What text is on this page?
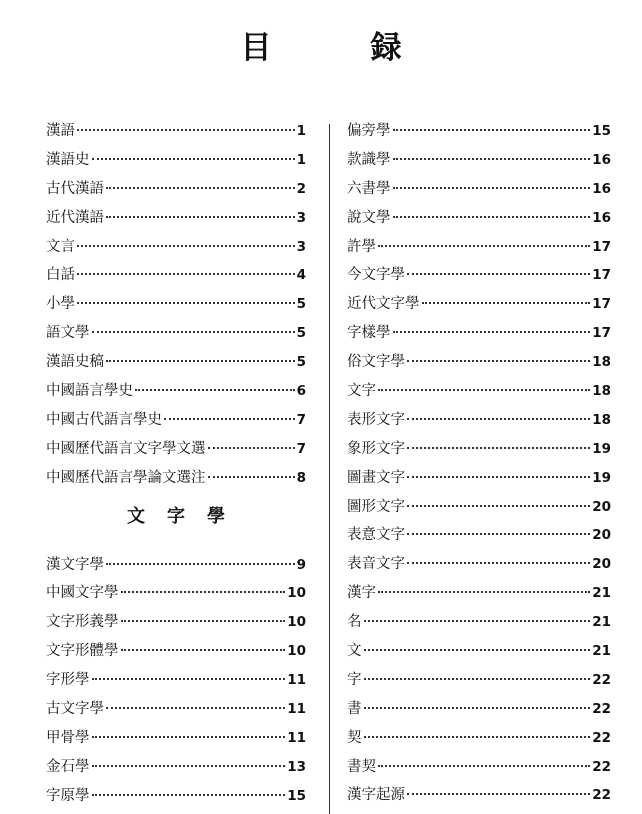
目　録
漢語	1
漢語史	1
古代漢語	2
近代漢語	3
文言	3
白話	4
小學	5
語文學	5
漢語史稿	5
中國語言學史	6
中國古代語言學史	7
中國歷代語言文字學文選	7
中國歷代語言學論文選注	8
文字學
漢文字學	9
中國文字學	10
文字形義學	10
文字形體學	10
字形學	11
古文字學	11
甲骨學	11
金石學	13
字原學	15
偏旁學	15
款識學	16
六書學	16
說文學	16
許學	17
今文字學	17
近代文字學	17
字樣學	17
俗文字學	18
文字	18
表形文字	18
象形文字	19
圖畫文字	19
圖形文字	20
表意文字	20
表音文字	20
漢字	21
名	21
文	21
字	22
書	22
契	22
書契	22
漢字起源	22
